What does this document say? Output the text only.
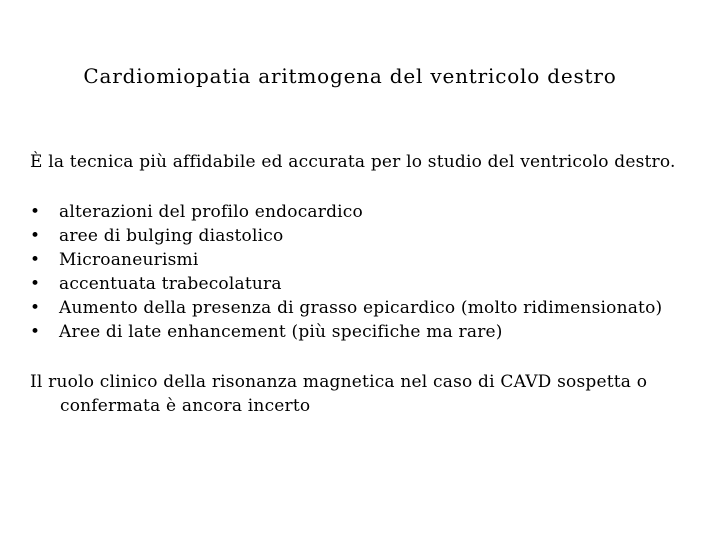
Cardiomiopatia aritmogena del ventricolo destro

È la tecnica più affidabile ed accurata per lo studio del ventricolo destro.

•	alterazioni del profilo endocardico
•	aree di bulging diastolico
•	Microaneurismi
•	accentuata trabecolatura
•	Aumento della presenza di grasso epicardico (molto ridimensionato)
•	Aree di late enhancement (più specifiche ma rare)

Il ruolo clinico della risonanza magnetica nel caso di CAVD sospetta o confermata è ancora incerto
